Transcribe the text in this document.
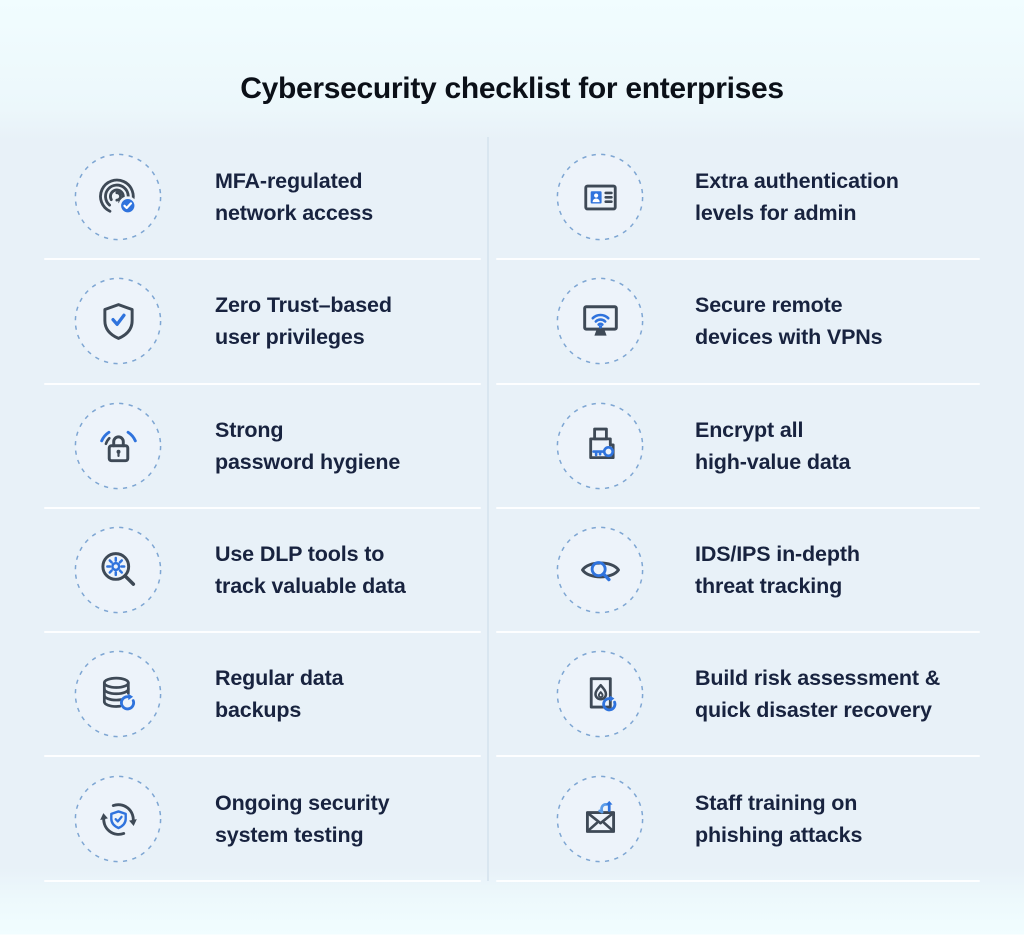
Cybersecurity checklist for enterprises
MFA-regulated
network access
Extra authentication
levels for admin
Zero Trust–based
user privileges
Secure remote
devices with VPNs
Strong
password hygiene
Encrypt all
high-value data
Use DLP tools to
track valuable data
IDS/IPS in-depth
threat tracking
Regular data
backups
Build risk assessment &
quick disaster recovery
Ongoing security
system testing
Staff training on
phishing attacks
